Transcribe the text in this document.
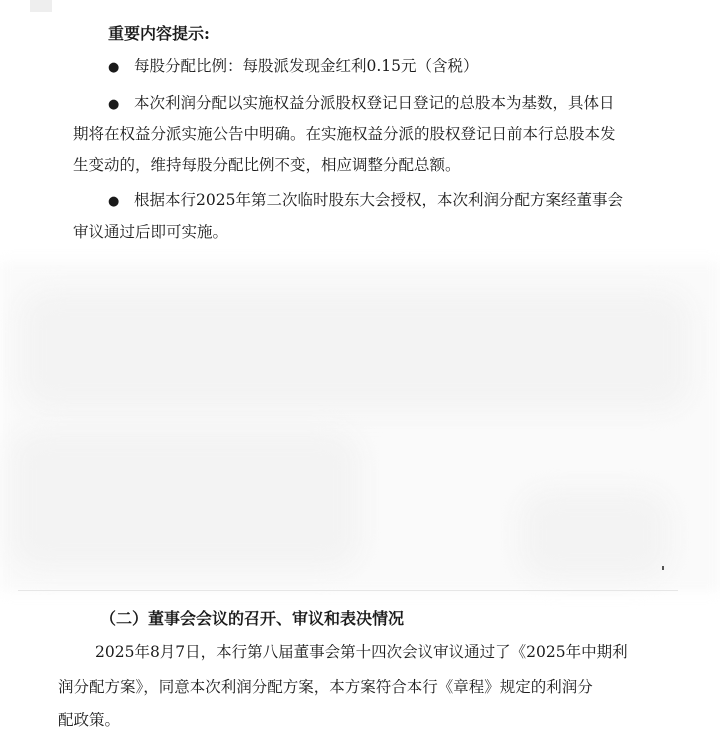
重要内容提示:
● 每股分配比例：每股派发现金红利0.15元（含税）
● 本次利润分配以实施权益分派股权登记日登记的总股本为基数，具体日
期将在权益分派实施公告中明确。在实施权益分派的股权登记日前本行总股本发
生变动的，维持每股分配比例不变，相应调整分配总额。
● 根据本行2025年第二次临时股东大会授权，本次利润分配方案经董事会
审议通过后即可实施。
（二）董事会会议的召开、审议和表决情况
2025年8月7日，本行第八届董事会第十四次会议审议通过了《2025年中期利
润分配方案》，同意本次利润分配方案，本方案符合本行《章程》规定的利润分
配政策。
